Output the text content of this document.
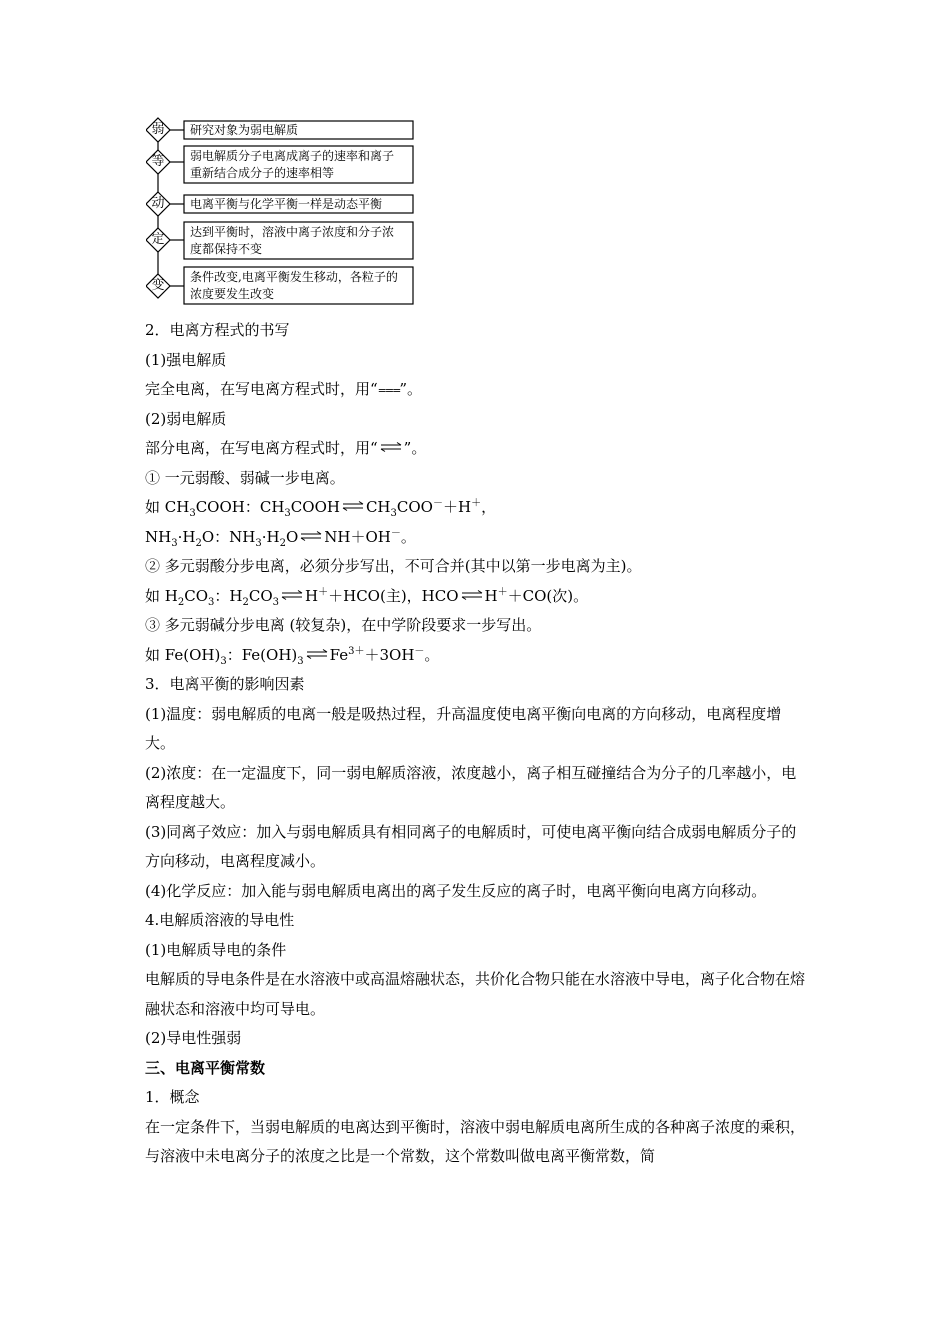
弱
等
动
定
变
研究对象为弱电解质
弱电解质分子电离成离子的速率和离子
重新结合成分子的速率相等
电离平衡与化学平衡一样是动态平衡
达到平衡时，溶液中离子浓度和分子浓
度都保持不变
条件改变,电离平衡发生移动，各粒子的
浓度要发生改变
2．电离方程式的书写
(1)强电解质
完全电离，在写电离方程式时，用“===”。
(2)弱电解质
部分电离，在写电离方程式时，用“⇌”。
① 一元弱酸、弱碱一步电离。
如 $CH_3COOH$：$CH_3COOH\rightleftharpoons CH_3COO^-+H^+$，
$NH_3\cdot H_2O$：$NH_3\cdot H_2O\rightleftharpoons NH+OH^-$。
② 多元弱酸分步电离，必须分步写出，不可合并(其中以第一步电离为主)。
如 $H_2CO_3$：$H_2CO_3$ ⇌H＋＋HCO(主)，HCO⇌H＋＋CO(次)。
③ 多元弱碱分步电离 (较复杂)，在中学阶段要求一步写出。
如 $Fe(OH)_3$：$Fe(OH)_3$ $\rightleftharpoons Fe^{3+}+3OH^-$。
3．电离平衡的影响因素
(1)温度：弱电解质的电离一般是吸热过程，升高温度使电离平衡向电离的方向移动，电离程度增大。
(2)浓度：在一定温度下，同一弱电解质溶液，浓度越小，离子相互碰撞结合为分子的几率越小，电离程度越大。
(3)同离子效应：加入与弱电解质具有相同离子的电解质时，可使电离平衡向结合成弱电解质分子的方向移动，电离程度减小。
(4)化学反应：加入能与弱电解质电离出的离子发生反应的离子时，电离平衡向电离方向移动。
4.电解质溶液的导电性
(1)电解质导电的条件
电解质的导电条件是在水溶液中或高温熔融状态，共价化合物只能在水溶液中导电，离子化合物在熔融状态和溶液中均可导电。
(2)导电性强弱
三、电离平衡常数
1．概念
在一定条件下，当弱电解质的电离达到平衡时，溶液中弱电解质电离所生成的各种离子浓度的乘积，与溶液中未电离分子的浓度之比是一个常数，这个常数叫做电离平衡常数，简
